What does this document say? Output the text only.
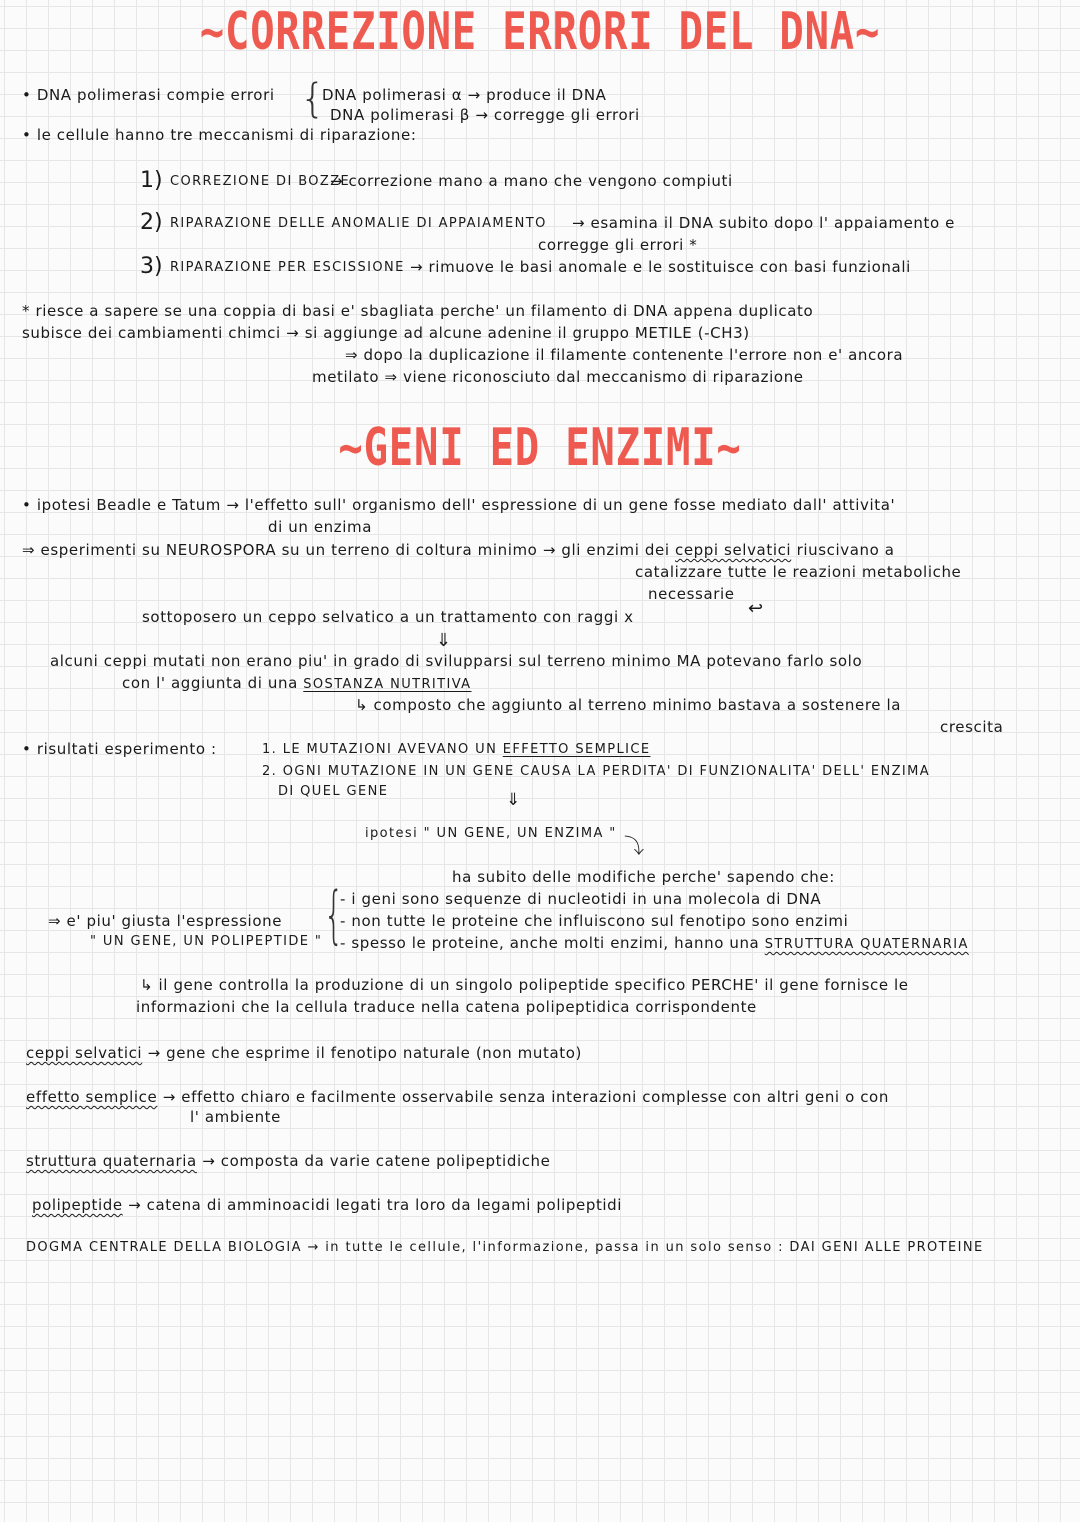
~CORREZIONE ERRORI DEL DNA~
• DNA polimerasi compie errori {
DNA polimerasi α → produce il DNA
DNA polimerasi β → corregge gli errori
• le cellule hanno tre meccanismi di riparazione:
1) CORREZIONE DI BOZZE
→ correzione mano a mano che vengono compiuti
2) RIPARAZIONE DELLE ANOMALIE DI APPAIAMENTO → esamina il DNA subito dopo l' appaiamento e
corregge gli errori *
3) RIPARAZIONE PER ESCISSIONE → rimuove le basi anomale e le sostituisce con basi funzionali
* riesce a sapere se una coppia di basi e' sbagliata perche' un filamento di DNA appena duplicato
subisce dei cambiamenti chimci → si aggiunge ad alcune adenine il gruppo METILE (-CH3)
⇒ dopo la duplicazione il filamente contenente l'errore non e' ancora
metilato ⇒ viene riconosciuto dal meccanismo di riparazione
~GENI ED ENZIMI~
• ipotesi Beadle e Tatum → l'effetto sull' organismo dell' espressione di un gene fosse mediato dall' attivita'
di un enzima
⇒ esperimenti su NEUROSPORA su un terreno di coltura minimo → gli enzimi dei ceppi selvatici riuscivano a
catalizzare tutte le reazioni metaboliche
necessarie
↩
sottoposero un ceppo selvatico a un trattamento con raggi x
⇓
alcuni ceppi mutati non erano piu' in grado di svilupparsi sul terreno minimo MA potevano farlo solo
con l' aggiunta di una SOSTANZA NUTRITIVA
↳ composto che aggiunto al terreno minimo bastava a sostenere la
crescita
• risultati esperimento :	1. LE MUTAZIONI AVEVANO UN EFFETTO SEMPLICE
2. OGNI MUTAZIONE IN UN GENE CAUSA LA PERDITA' DI FUNZIONALITA' DELL' ENZIMA
DI QUEL GENE	⇓
ipotesi " UN GENE, UN ENZIMA "
⤵
ha subito delle modifiche perche' sapendo che:
⇒ e' piu' giusta l'espressione
" UN GENE, UN POLIPEPTIDE " {
- i geni sono sequenze di nucleotidi in una molecola di DNA
- non tutte le proteine che influiscono sul fenotipo sono enzimi
- spesso le proteine, anche molti enzimi, hanno una STRUTTURA QUATERNARIA
↳ il gene controlla la produzione di un singolo polipeptide specifico PERCHE' il gene fornisce le
informazioni che la cellula traduce nella catena polipeptidica corrispondente
ceppi selvatici → gene che esprime il fenotipo naturale (non mutato)
effetto semplice → effetto chiaro e facilmente osservabile senza interazioni complesse con altri geni o con
l' ambiente
struttura quaternaria → composta da varie catene polipeptidiche
polipeptide → catena di amminoacidi legati tra loro da legami polipeptidi
DOGMA CENTRALE DELLA BIOLOGIA → in tutte le cellule, l'informazione, passa in un solo senso : DAI GENI ALLE PROTEINE
